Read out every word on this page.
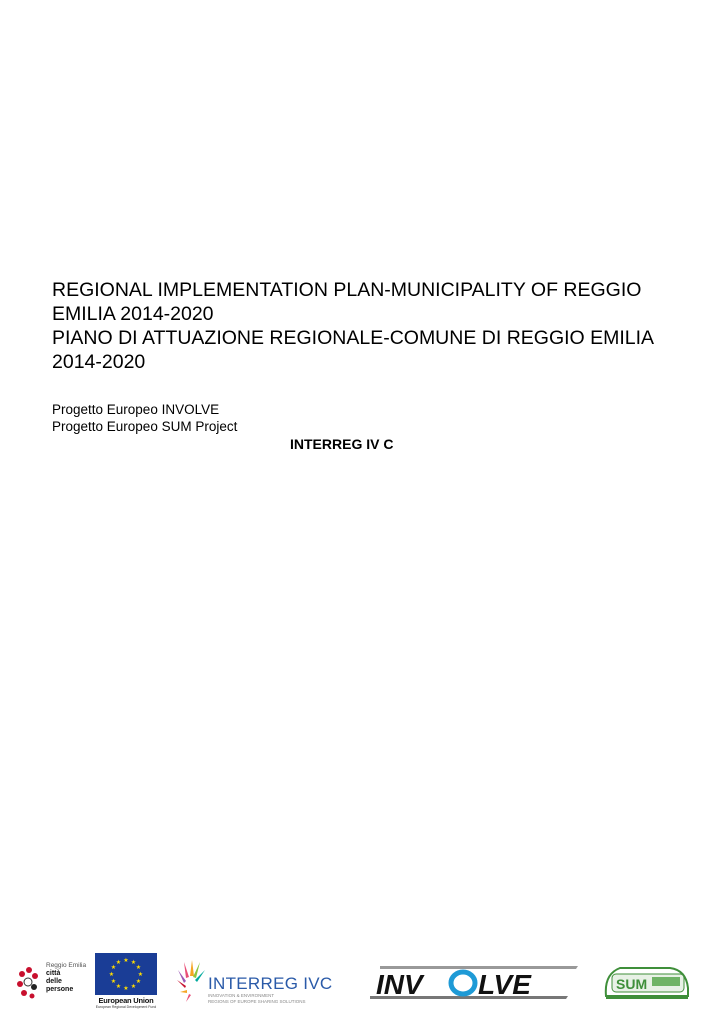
REGIONAL IMPLEMENTATION PLAN-MUNICIPALITY OF REGGIO
EMILIA 2014-2020
PIANO DI ATTUAZIONE REGIONALE-COMUNE DI REGGIO EMILIA
2014-2020
Progetto Europeo INVOLVE
Progetto Europeo SUM Project
INTERREG IV C
Reggio Emilia
città
delle persone
★ ★
★
★
★
★
★
★
★
★
★
★
European Union
European Regional Development Fund
INTERREG IVC
INNOVATION & ENVIRONMENT
REGIONS OF EUROPE SHARING SOLUTIONS
INV LVE	SUM
